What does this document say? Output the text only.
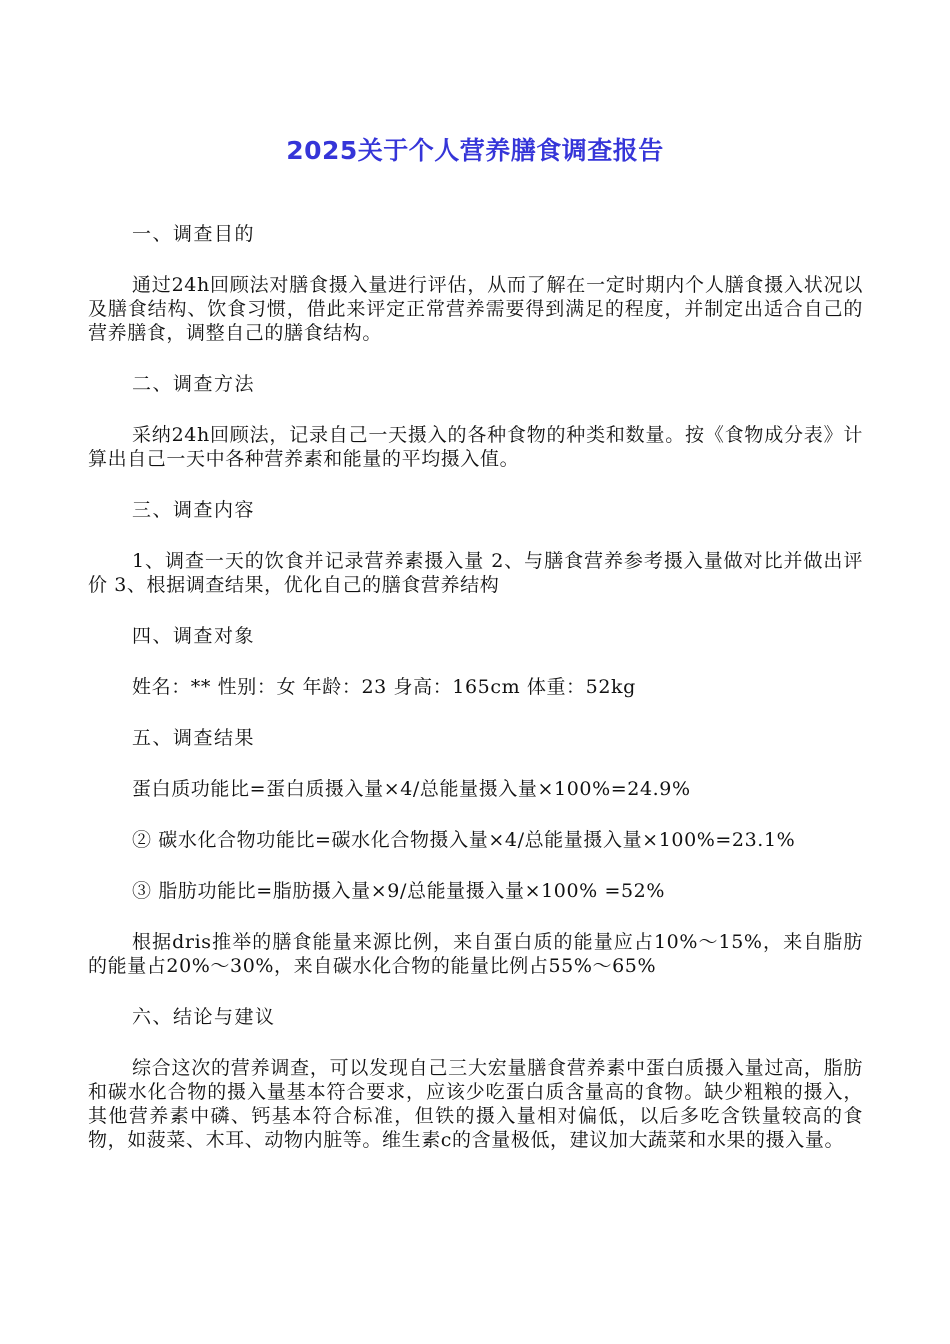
2025关于个人营养膳食调查报告

一、调查目的

通过24h回顾法对膳食摄入量进行评估，从而了解在一定时期内个人膳食摄入状况以及膳食结构、饮食习惯，借此来评定正常营养需要得到满足的程度，并制定出适合自己的营养膳食，调整自己的膳食结构。

二、调查方法

采纳24h回顾法，记录自己一天摄入的各种食物的种类和数量。按《食物成分表》计算出自己一天中各种营养素和能量的平均摄入值。

三、调查内容

1、调查一天的饮食并记录营养素摄入量 2、与膳食营养参考摄入量做对比并做出评价 3、根据调查结果，优化自己的膳食营养结构

四、调查对象

姓名：** 性别：女 年龄：23 身高：165cm 体重：52kg

五、调查结果

蛋白质功能比=蛋白质摄入量×4/总能量摄入量×100%=24.9%

② 碳水化合物功能比=碳水化合物摄入量×4/总能量摄入量×100%=23.1%

③ 脂肪功能比=脂肪摄入量×9/总能量摄入量×100% =52%

根据dris推举的膳食能量来源比例，来自蛋白质的能量应占10%～15%，来自脂肪的能量占20%～30%，来自碳水化合物的能量比例占55%～65%

六、结论与建议

综合这次的营养调查，可以发现自己三大宏量膳食营养素中蛋白质摄入量过高，脂肪和碳水化合物的摄入量基本符合要求，应该少吃蛋白质含量高的食物。缺少粗粮的摄入，其他营养素中磷、钙基本符合标准，但铁的摄入量相对偏低，以后多吃含铁量较高的食物，如菠菜、木耳、动物内脏等。维生素c的含量极低，建议加大蔬菜和水果的摄入量。
